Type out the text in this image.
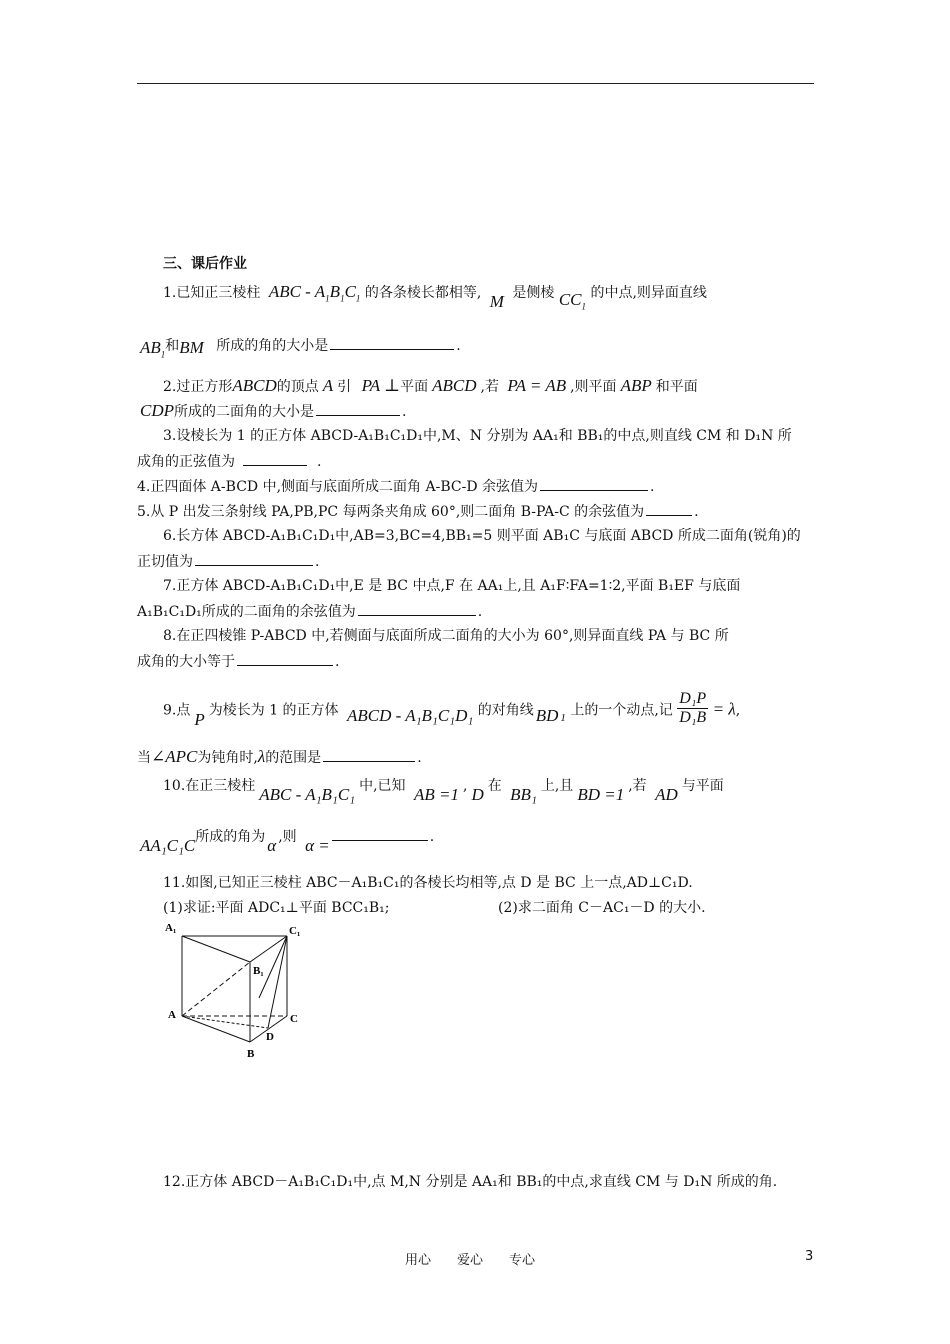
三、课后作业
1.已知正三棱柱 ABC - $A_1B_1C_1$ 的各条棱长都相等, M 是侧棱 $CC_1$ 的中点,则异面直线
$AB_1$和BM 所成的角的大小是	.
2.过正方形ABCD的顶点 A 引 PA ⊥平面 ABCD ,若 PA = AB ,则平面 ABP 和平面
CDP所成的二面角的大小是	.
3.设棱长为 1 的正方体 ABCD-A₁B₁C₁D₁中,M、N 分别为 AA₁和 BB₁的中点,则直线 CM 和 D₁N 所
成角的正弦值为	.
4.正四面体 A-BCD 中,侧面与底面所成二面角 A-BC-D 余弦值为	.
5.从 P 出发三条射线 PA,PB,PC 每两条夹角成 60°,则二面角 B-PA-C 的余弦值为	.
6.长方体 ABCD-A₁B₁C₁D₁中,AB=3,BC=4,BB₁=5 则平面 AB₁C 与底面 ABCD 所成二面角(锐角)的
正切值为	.
7.正方体 ABCD-A₁B₁C₁D₁中,E 是 BC 中点,F 在 AA₁上,且 A₁F∶FA=1∶2,平面 B₁EF 与底面
A₁B₁C₁D₁所成的二面角的余弦值为	.
8.在正四棱锥 P-ABCD 中,若侧面与底面所成二面角的大小为 60°,则异面直线 PA 与 BC 所
成角的大小等于	.
9.点 P 为棱长为 1 的正方体 ABCD - A₁B₁C₁D₁ 的对角线 BD $_1$ 上的一个动点,记 $\frac{\text{D₁P}}{\text{D₁B}} = \lambda$,
当∠APC为钝角时,λ的范围是	.
10.在正三棱柱 ABC - A₁B₁C₁ 中,已知 AB =1 , D 在 BB₁ 上,且 BD =1 ,若 AD 与平面
AA₁C₁C所成的角为 α ,则 α =	.
11.如图,已知正三棱柱 ABC－A₁B₁C₁的各棱长均相等,点 D 是 BC 上一点,AD⊥C₁D.
(1)求证:平面 ADC₁⊥平面 BCC₁B₁;	(2)求二面角 C－AC₁－D 的大小.
A₁	C₁
B₁
A	C
D
B
12.正方体 ABCD－A₁B₁C₁D₁中,点 M,N 分别是 AA₁和 BB₁的中点,求直线 CM 与 D₁N 所成的角.
用心　　爱心　　专心	3
